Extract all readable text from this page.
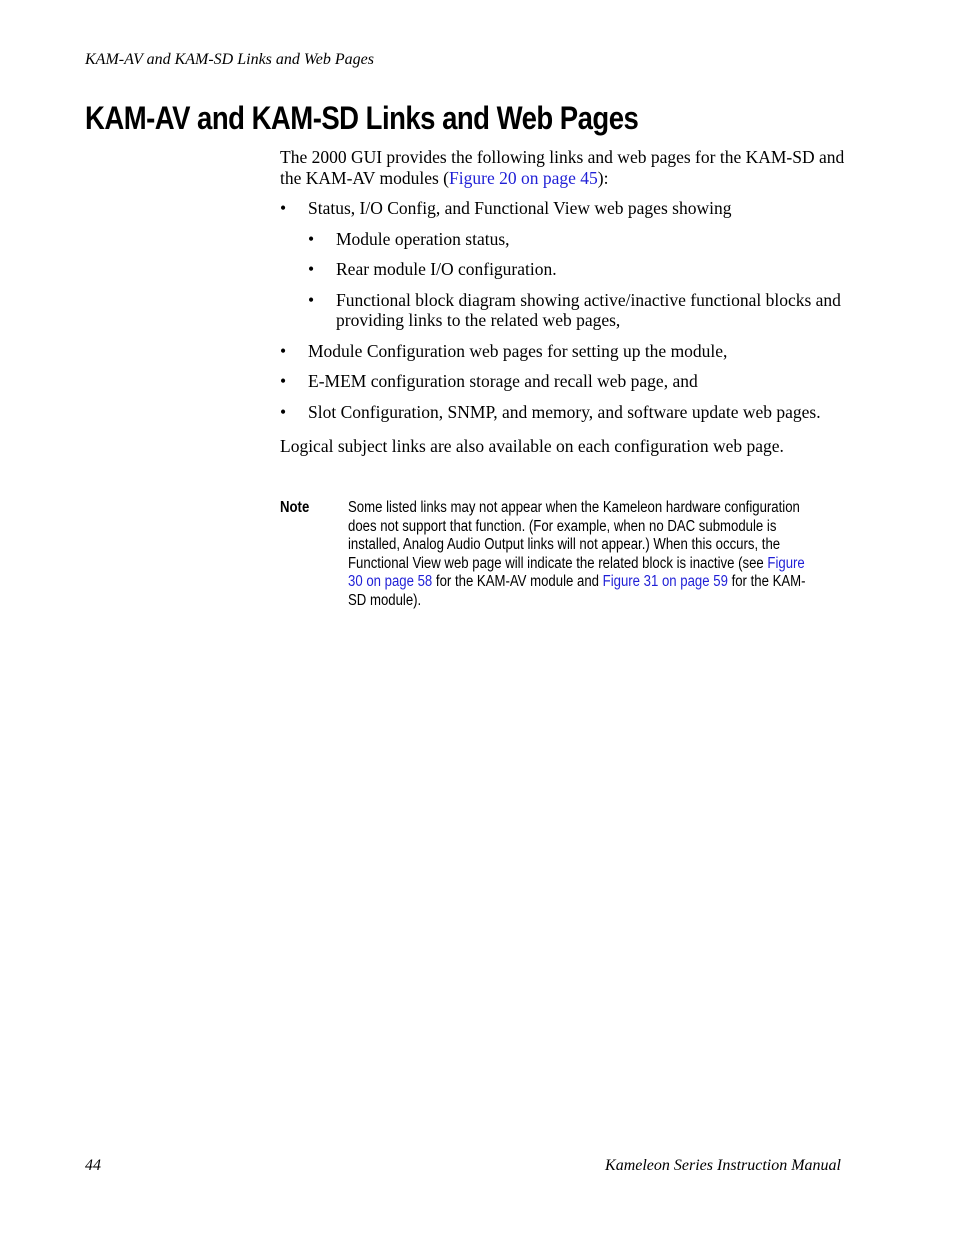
KAM-AV and KAM-SD Links and Web Pages
KAM-AV and KAM-SD Links and Web Pages

The 2000 GUI provides the following links and web pages for the KAM-SD and the KAM-AV modules (Figure 20 on page 45):

• Status, I/O Config, and Functional View web pages showing
• Module operation status,
• Rear module I/O configuration.
• Functional block diagram showing active/inactive functional blocks and providing links to the related web pages,
• Module Configuration web pages for setting up the module,
• E-MEM configuration storage and recall web page, and
• Slot Configuration, SNMP, and memory, and software update web pages.

Logical subject links are also available on each configuration web page.

Note Some listed links may not appear when the Kameleon hardware configuration does not support that function. (For example, when no DAC submodule is installed, Analog Audio Output links will not appear.) When this occurs, the Functional View web page will indicate the related block is inactive (see Figure 30 on page 58 for the KAM-AV module and Figure 31 on page 59 for the KAM-SD module).
44	Kameleon Series Instruction Manual
